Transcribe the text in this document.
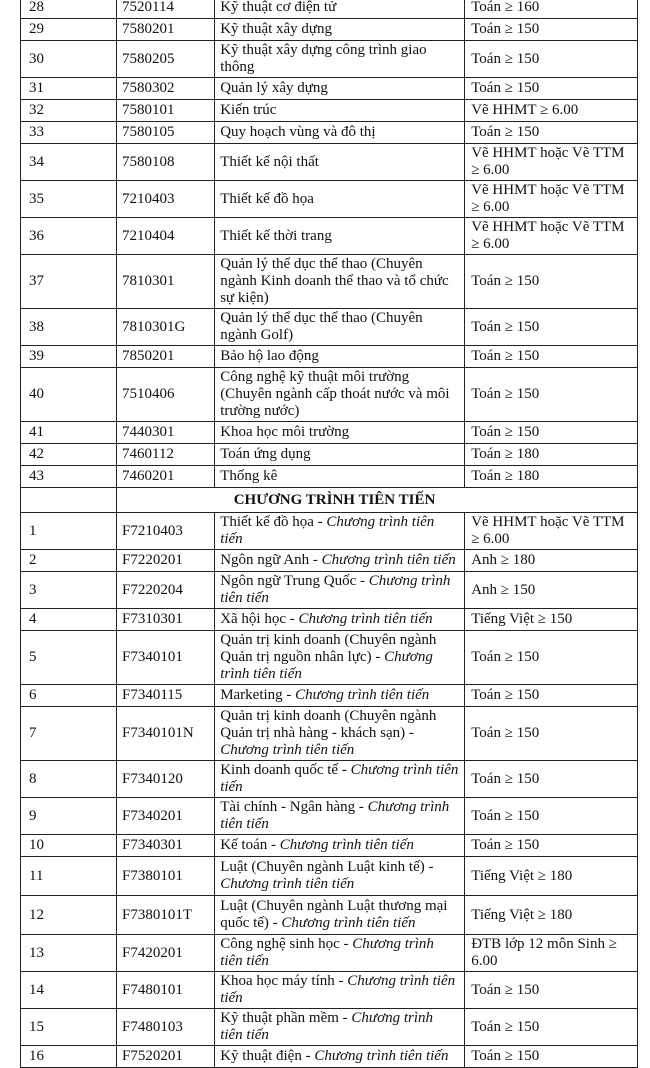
28	7520114	Kỹ thuật cơ điện tử	Toán ≥ 160
29	7580201	Kỹ thuật xây dựng	Toán ≥ 150
30	7580205	Kỹ thuật xây dựng công trình giao thông	Toán ≥ 150
31	7580302	Quản lý xây dựng	Toán ≥ 150
32	7580101	Kiến trúc	Vẽ HHMT ≥ 6.00
33	7580105	Quy hoạch vùng và đô thị	Toán ≥ 150
34	7580108	Thiết kế nội thất	Vẽ HHMT hoặc Vẽ TTM ≥ 6.00
35	7210403	Thiết kế đồ họa	Vẽ HHMT hoặc Vẽ TTM ≥ 6.00
36	7210404	Thiết kế thời trang	Vẽ HHMT hoặc Vẽ TTM ≥ 6.00
37	7810301	Quản lý thể dục thể thao (Chuyên ngành Kinh doanh thể thao và tổ chức sự kiện)	Toán ≥ 150
38	7810301G	Quản lý thể dục thể thao (Chuyên ngành Golf)	Toán ≥ 150
39	7850201	Bảo hộ lao động	Toán ≥ 150
40	7510406	Công nghệ kỹ thuật môi trường (Chuyên ngành cấp thoát nước và môi trường nước)	Toán ≥ 150
41	7440301	Khoa học môi trường	Toán ≥ 150
42	7460112	Toán ứng dụng	Toán ≥ 180
43	7460201	Thống kê	Toán ≥ 180
	CHƯƠNG TRÌNH TIÊN TIẾN		
1	F7210403	Thiết kế đồ họa - Chương trình tiên tiến	Vẽ HHMT hoặc Vẽ TTM ≥ 6.00
2	F7220201	Ngôn ngữ Anh - Chương trình tiên tiến	Anh ≥ 180
3	F7220204	Ngôn ngữ Trung Quốc - Chương trình tiên tiến	Anh ≥ 150
4	F7310301	Xã hội học - Chương trình tiên tiến	Tiếng Việt ≥ 150
5	F7340101	Quản trị kinh doanh (Chuyên ngành Quản trị nguồn nhân lực) - Chương trình tiên tiến	Toán ≥ 150
6	F7340115	Marketing - Chương trình tiên tiến	Toán ≥ 150
7	F7340101N	Quản trị kinh doanh (Chuyên ngành Quản trị nhà hàng - khách sạn) - Chương trình tiên tiến	Toán ≥ 150
8	F7340120	Kinh doanh quốc tế - Chương trình tiên tiến	Toán ≥ 150
9	F7340201	Tài chính - Ngân hàng - Chương trình tiên tiến	Toán ≥ 150
10	F7340301	Kế toán - Chương trình tiên tiến	Toán ≥ 150
11	F7380101	Luật (Chuyên ngành Luật kinh tế) - Chương trình tiên tiến	Tiếng Việt ≥ 180
12	F7380101T	Luật (Chuyên ngành Luật thương mại quốc tế) - Chương trình tiên tiến	Tiếng Việt ≥ 180
13	F7420201	Công nghệ sinh học - Chương trình tiên tiến	ĐTB lớp 12 môn Sinh ≥ 6.00
14	F7480101	Khoa học máy tính - Chương trình tiên tiến	Toán ≥ 150
15	F7480103	Kỹ thuật phần mềm - Chương trình tiên tiến	Toán ≥ 150
16	F7520201	Kỹ thuật điện - Chương trình tiên tiến	Toán ≥ 150
